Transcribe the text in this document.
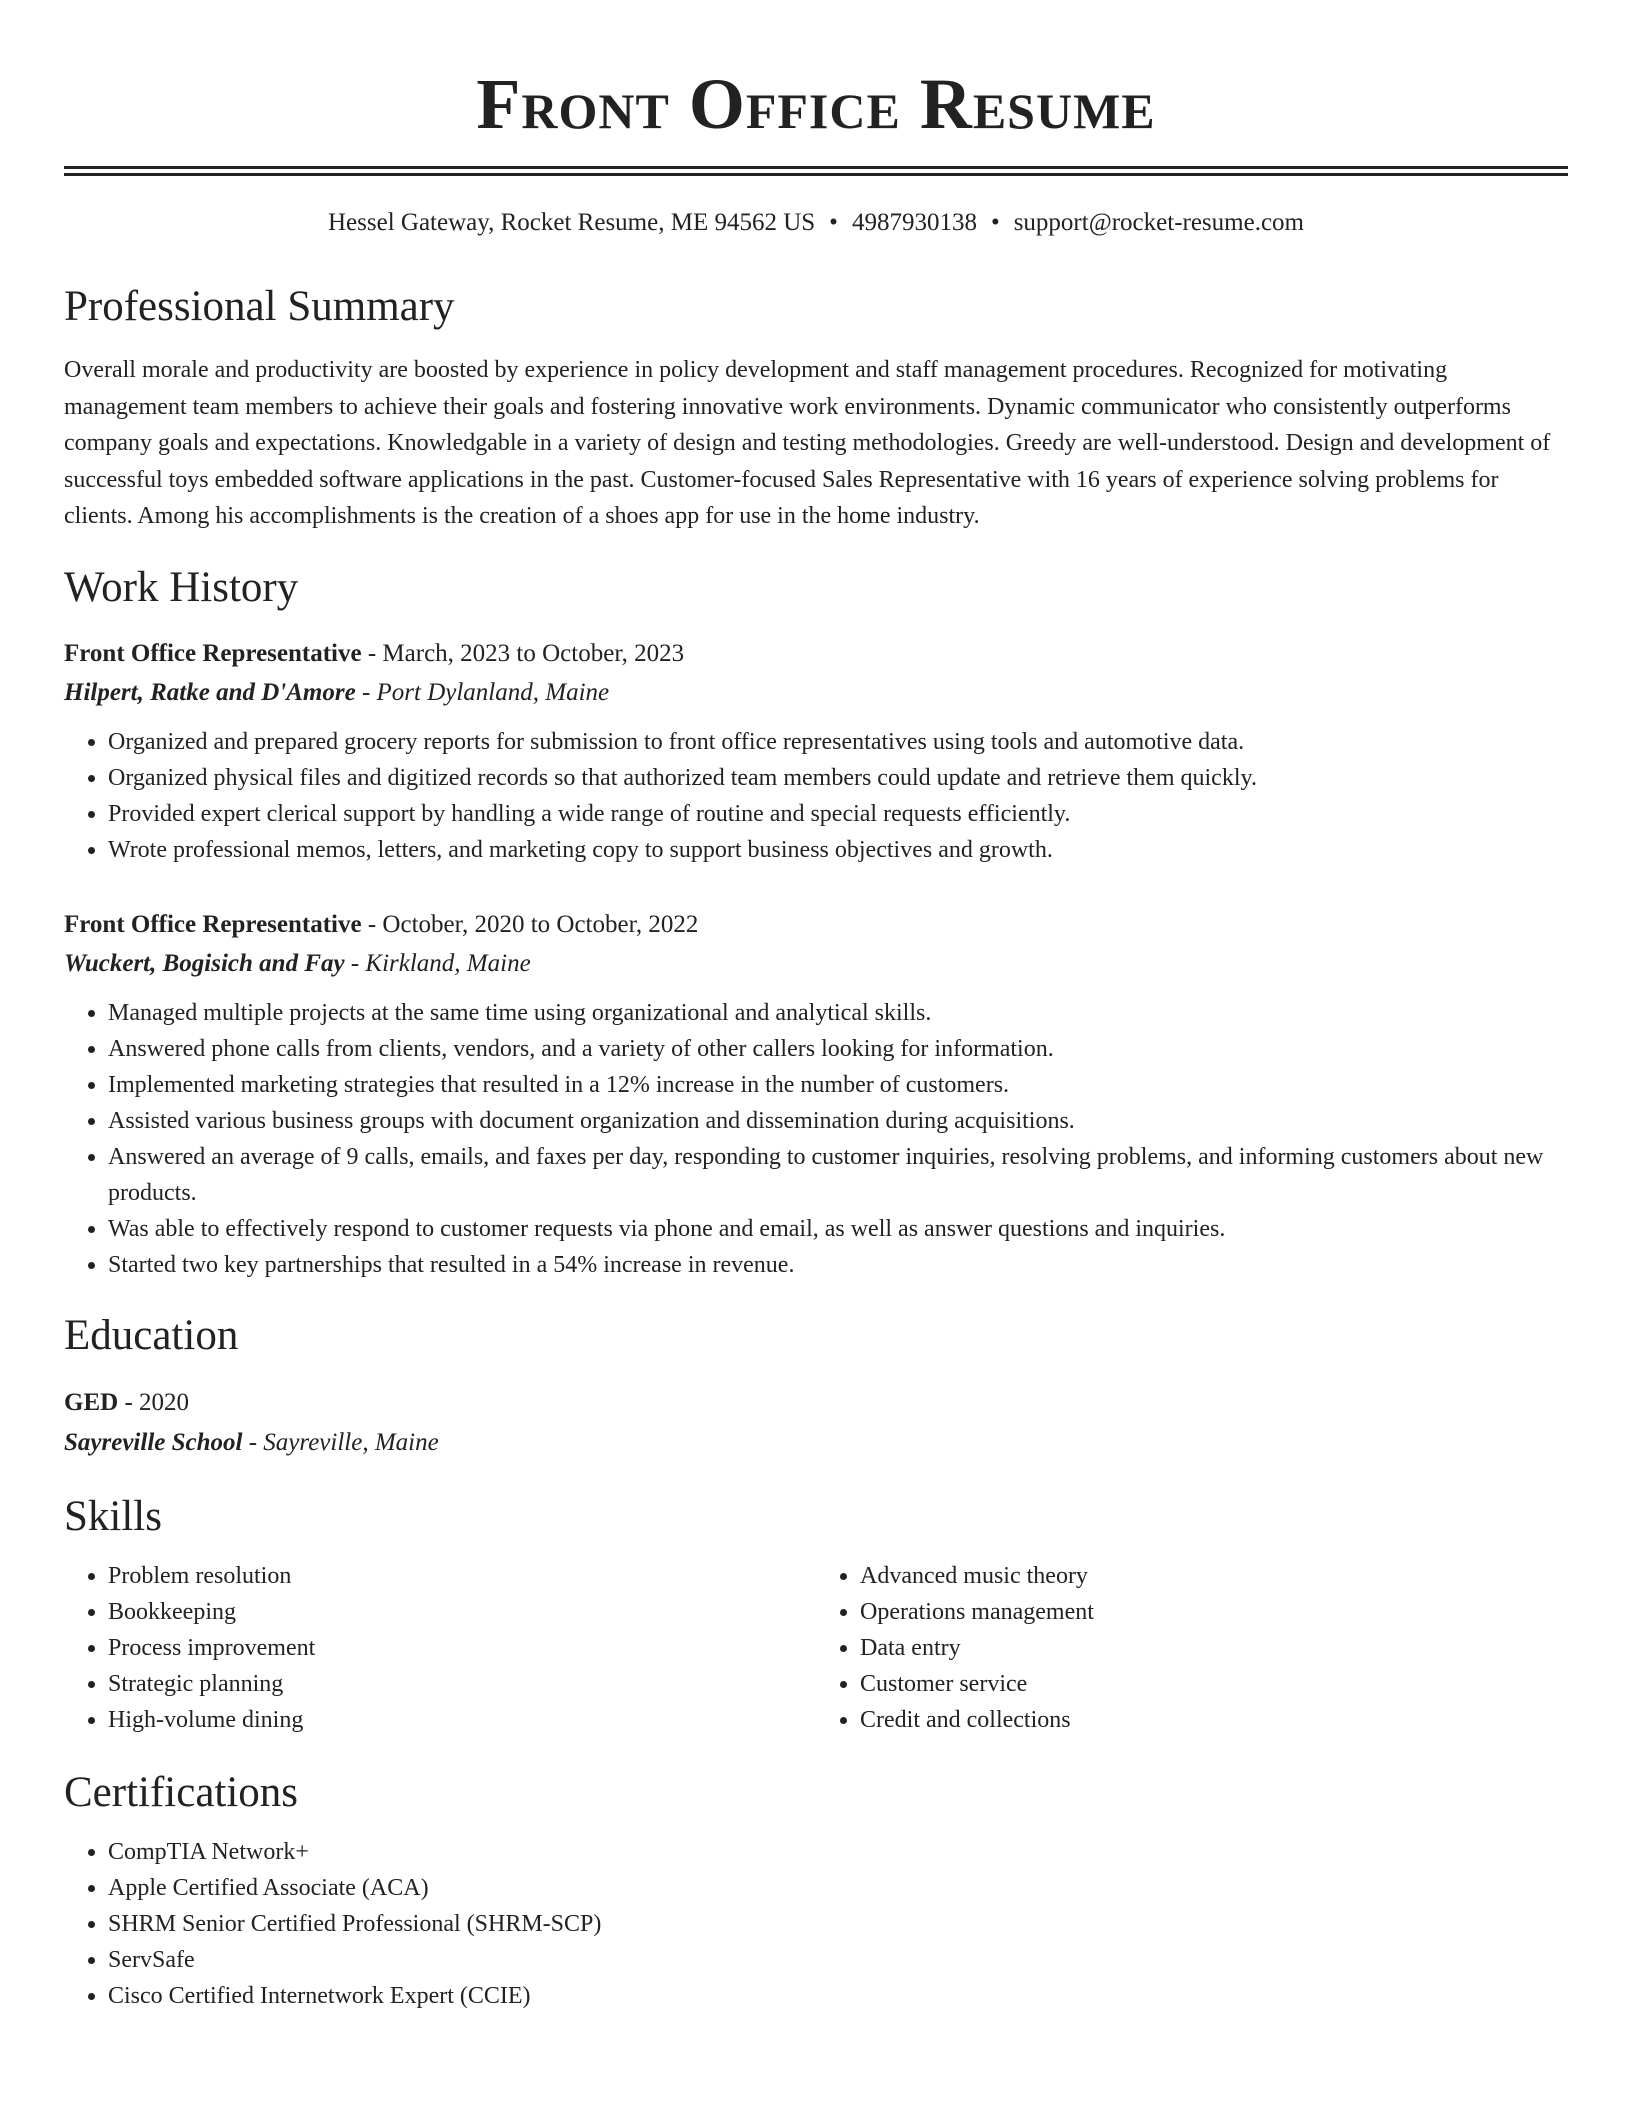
Front Office Resume
Hessel Gateway, Rocket Resume, ME 94562 US • 4987930138 • support@rocket-resume.com
Professional Summary

Overall morale and productivity are boosted by experience in policy development and staff management procedures. Recognized for motivating management team members to achieve their goals and fostering innovative work environments. Dynamic communicator who consistently outperforms company goals and expectations. Knowledgable in a variety of design and testing methodologies. Greedy are well-understood. Design and development of successful toys embedded software applications in the past. Customer-focused Sales Representative with 16 years of experience solving problems for clients. Among his accomplishments is the creation of a shoes app for use in the home industry.

Work History
Front Office Representative - March, 2023 to October, 2023
Hilpert, Ratke and D'Amore - Port Dylanland, Maine
• Organized and prepared grocery reports for submission to front office representatives using tools and automotive data.
• Organized physical files and digitized records so that authorized team members could update and retrieve them quickly.
• Provided expert clerical support by handling a wide range of routine and special requests efficiently.
• Wrote professional memos, letters, and marketing copy to support business objectives and growth.
Front Office Representative - October, 2020 to October, 2022
Wuckert, Bogisich and Fay - Kirkland, Maine
• Managed multiple projects at the same time using organizational and analytical skills.
• Answered phone calls from clients, vendors, and a variety of other callers looking for information.
• Implemented marketing strategies that resulted in a 12% increase in the number of customers.
• Assisted various business groups with document organization and dissemination during acquisitions.
• Answered an average of 9 calls, emails, and faxes per day, responding to customer inquiries, resolving problems, and informing customers about new products.
• Was able to effectively respond to customer requests via phone and email, as well as answer questions and inquiries.
• Started two key partnerships that resulted in a 54% increase in revenue.
Education
GED - 2020
Sayreville School - Sayreville, Maine
Skills
• Problem resolution
• Bookkeeping
• Process improvement
• Strategic planning
• High-volume dining
• Advanced music theory
• Operations management
• Data entry
• Customer service
• Credit and collections
Certifications
• CompTIA Network+
• Apple Certified Associate (ACA)
• SHRM Senior Certified Professional (SHRM-SCP)
• ServSafe
• Cisco Certified Internetwork Expert (CCIE)
